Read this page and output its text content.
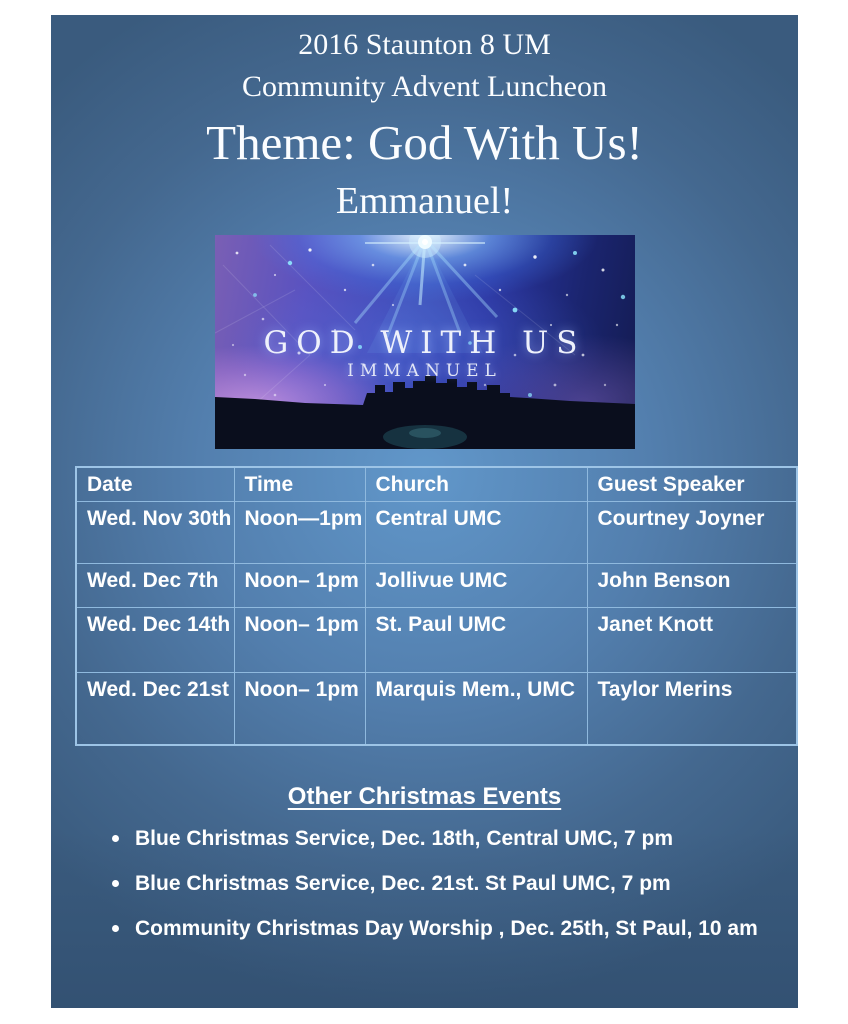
2016 Staunton 8 UM
Community Advent Luncheon
Theme: God With Us!
Emmanuel!
GOD WITH US
IMMANUEL
Date	Time	Church	Guest Speaker
Wed. Nov 30th	Noon—1pm	Central UMC	Courtney Joyner
Wed. Dec 7th	Noon– 1pm	Jollivue UMC	John Benson
Wed. Dec 14th	Noon– 1pm	St. Paul UMC	Janet Knott
Wed. Dec 21st	Noon– 1pm	Marquis Mem., UMC	Taylor Merins
Other Christmas Events
Blue Christmas Service, Dec. 18th, Central UMC, 7 pm
Blue Christmas Service, Dec. 21st. St Paul UMC, 7 pm
Community Christmas Day Worship , Dec. 25th, St Paul, 10 am
